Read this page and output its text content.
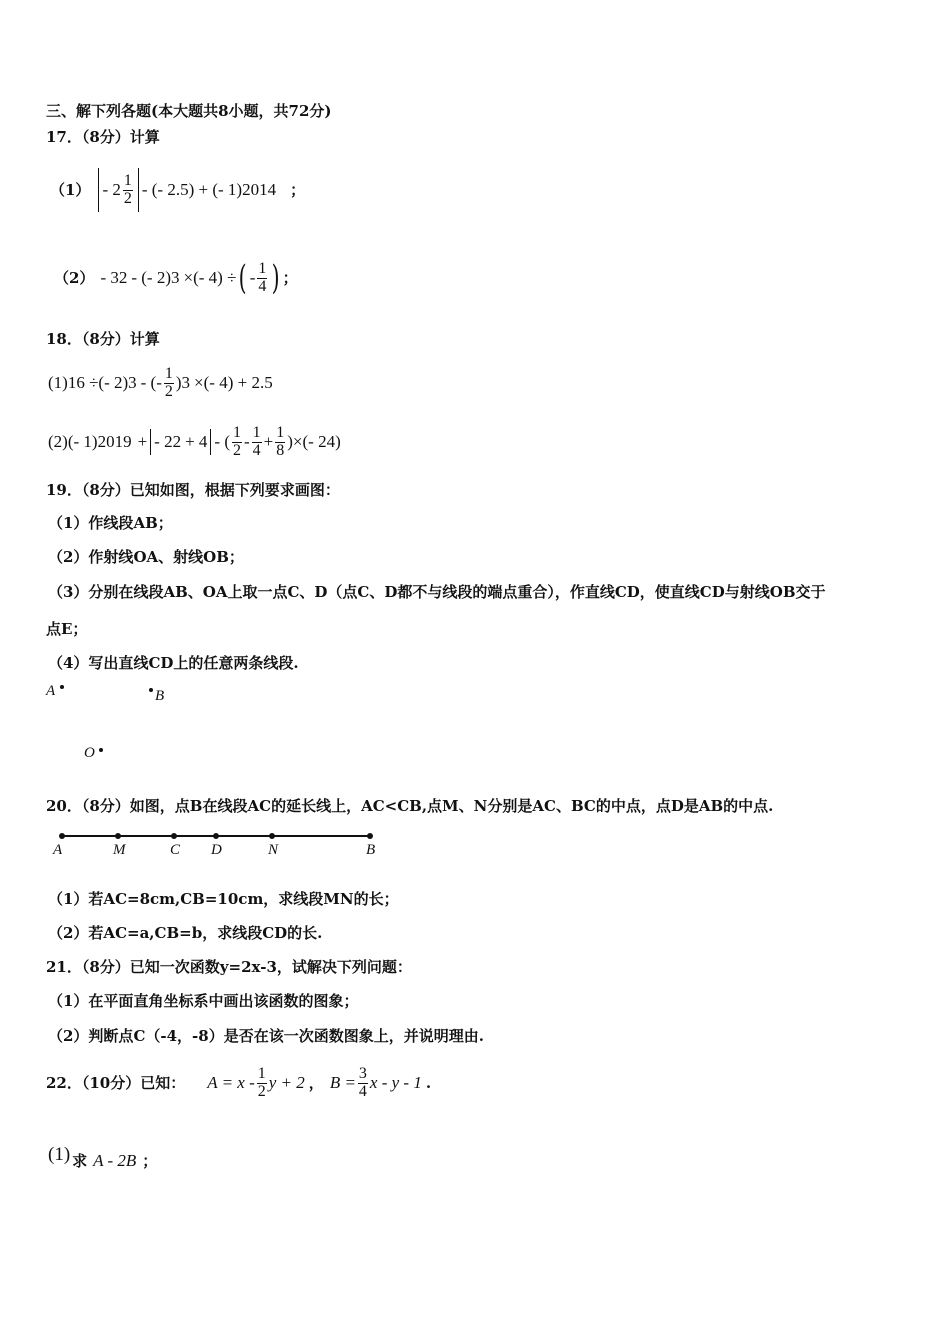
三、解下列各题(本大题共8小题，共72分)
17．（8分）计算
$(1) - 2 \frac{1}{2}$ - (- 2.5) + (- 1) 2014 ；
（2） - 3 2 - (- 2) 3 ×(- 4) ÷ ( - $\frac{1}{4}$ ) ；
18．（8分）计算
(1)16 ÷(- 2) 3 - (- $\frac{1}{2}$ ) 3 ×(- 4) + 2.5
(2)(- 1) 2019 + - 2 2 + 4 - ( $\frac{1}{2} - \frac{1}{4} + \frac{1}{8}$ )×(- 24)
19．（8分）已知如图，根据下列要求画图：
（1）作线段AB；
（2）作射线OA、射线OB；
（3）分别在线段AB、OA上取一点C、D（点C、D都不与线段的端点重合），作直线CD，使直线CD与射线OB交于
点E；
（4）写出直线CD上的任意两条线段.
A	B
O
20．（8分）如图，点B在线段AC的延长线上，AC<CB,点M、N分别是AC、BC的中点，点D是AB的中点.
A	M	C D	N	B
（1）若AC=8cm,CB=10cm，求线段MN的长；
（2）若AC=a,CB=b，求线段CD的长.
21．（8分）已知一次函数y=2x-3，试解决下列问题：
（1）在平面直角坐标系中画出该函数的图象；
（2）判断点C（-4，-8）是否在该一次函数图象上，并说明理由.
22．（10分）已知： $A = x - \frac{1}{2}$ y + 2 ， $B = \frac{3}{4}$ x - y - 1 .
(1) 求 A - 2B ；
